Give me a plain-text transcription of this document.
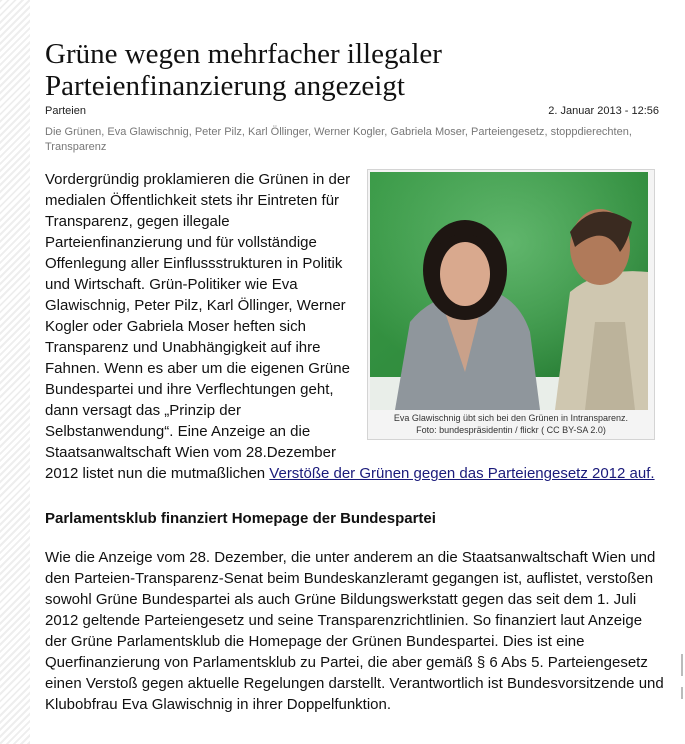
Grüne wegen mehrfacher illegaler
Parteienfinanzierung angezeigt
Parteien	2. Januar 2013 - 12:56
Die Grünen, Eva Glawischnig, Peter Pilz, Karl Öllinger, Werner Kogler, Gabriela Moser, Parteiengesetz, stoppdierechten, Transparenz
Eva Glawischnig übt sich bei den Grünen in Intransparenz.
Foto: bundespräsidentin / flickr ( CC BY-SA 2.0)

Vordergründig proklamieren die Grünen in der medialen Öffentlichkeit stets ihr Eintreten für Transparenz, gegen illegale Parteienfinanzierung und für vollständige Offenlegung aller Einflussstrukturen in Politik und Wirtschaft. Grün-Politiker wie Eva Glawischnig, Peter Pilz, Karl Öllinger, Werner Kogler oder Gabriela Moser heften sich Transparenz und Unabhängigkeit auf ihre Fahnen. Wenn es aber um die eigenen Grüne Bundespartei und ihre Verflechtungen geht, dann versagt das „Prinzip der Selbstanwendung“. Eine Anzeige an die Staatsanwaltschaft Wien vom 28.Dezember 2012 listet nun die mutmaßlichen Verstöße der Grünen gegen das Parteiengesetz 2012 auf.

Parlamentsklub finanziert Homepage der Bundespartei

Wie die Anzeige vom 28. Dezember, die unter anderem an die Staatsanwaltschaft Wien und den Parteien-Transparenz-Senat beim Bundeskanzleramt gegangen ist, auflistet, verstoßen sowohl Grüne Bundespartei als auch Grüne Bildungswerkstatt gegen das seit dem 1. Juli 2012 geltende Parteiengesetz und seine Transparenzrichtlinien. So finanziert laut Anzeige der Grüne Parlamentsklub die Homepage der Grünen Bundespartei. Dies ist eine Querfinanzierung von Parlamentsklub zu Partei, die aber gemäß § 6 Abs 5. Parteiengesetz einen Verstoß gegen aktuelle Regelungen darstellt. Verantwortlich ist Bundesvorsitzende und Klubobfrau Eva Glawischnig in ihrer Doppelfunktion.
